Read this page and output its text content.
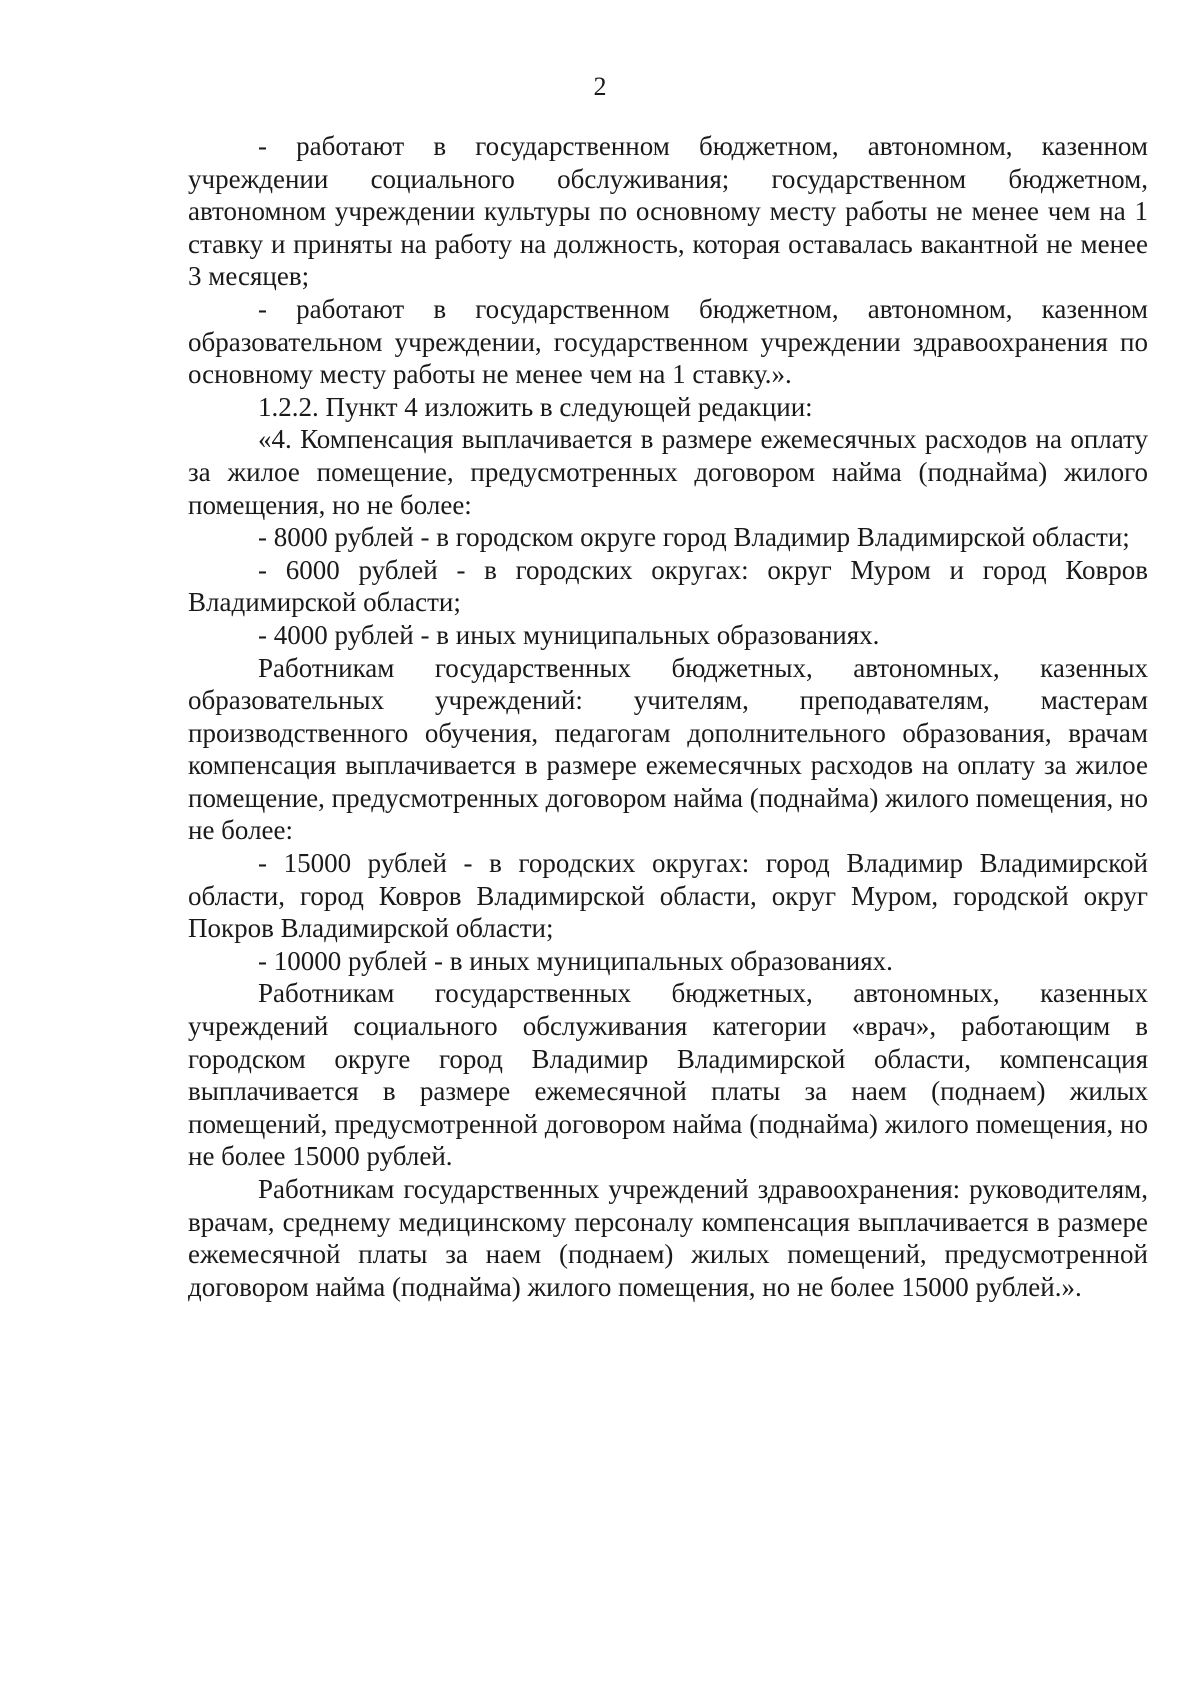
2

- работают в государственном бюджетном, автономном, казенном учреждении социального обслуживания; государственном бюджетном, автономном учреждении культуры по основному месту работы не менее чем на 1 ставку и приняты на работу на должность, которая оставалась вакантной не менее 3 месяцев;

- работают в государственном бюджетном, автономном, казенном образовательном учреждении, государственном учреждении здравоохранения по основному месту работы не менее чем на 1 ставку.».

1.2.2. Пункт 4 изложить в следующей редакции:

«4. Компенсация выплачивается в размере ежемесячных расходов на оплату за жилое помещение, предусмотренных договором найма (поднайма) жилого помещения, но не более:

- 8000 рублей - в городском округе город Владимир Владимирской области;

- 6000 рублей - в городских округах: округ Муром и город Ковров Владимирской области;

- 4000 рублей - в иных муниципальных образованиях.

Работникам государственных бюджетных, автономных, казенных образовательных учреждений: учителям, преподавателям, мастерам производственного обучения, педагогам дополнительного образования, врачам компенсация выплачивается в размере ежемесячных расходов на оплату за жилое помещение, предусмотренных договором найма (поднайма) жилого помещения, но не более:

- 15000 рублей - в городских округах: город Владимир Владимирской области, город Ковров Владимирской области, округ Муром, городской округ Покров Владимирской области;

- 10000 рублей - в иных муниципальных образованиях.

Работникам государственных бюджетных, автономных, казенных учреждений социального обслуживания категории «врач», работающим в городском округе город Владимир Владимирской области, компенсация выплачивается в размере ежемесячной платы за наем (поднаем) жилых помещений, предусмотренной договором найма (поднайма) жилого помещения, но не более 15000 рублей.

Работникам государственных учреждений здравоохранения: руководителям, врачам, среднему медицинскому персоналу компенсация выплачивается в размере ежемесячной платы за наем (поднаем) жилых помещений, предусмотренной договором найма (поднайма) жилого помещения, но не более 15000 рублей.».
